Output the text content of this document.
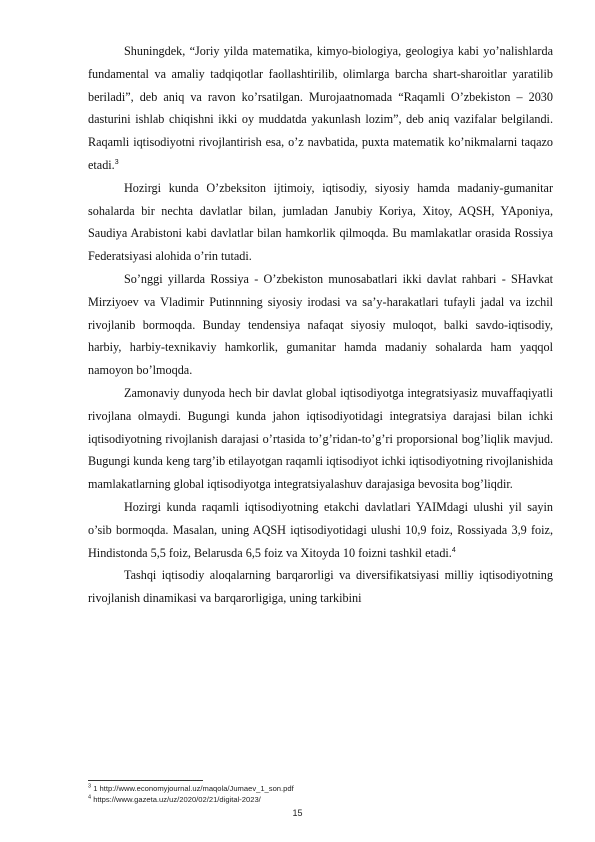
Shuningdek, “Joriy yilda matematika, kimyo-biologiya, geologiya kabi yo’nalishlarda fundamental va amaliy tadqiqotlar faollashtirilib, olimlarga barcha shart-sharoitlar yaratilib beriladi”, deb aniq va ravon ko’rsatilgan. Murojaatnomada “Raqamli O’zbekiston – 2030 dasturini ishlab chiqishni ikki oy muddatda yakunlash lozim”, deb aniq vazifalar belgilandi. Raqamli iqtisodiyotni rivojlantirish esa, o’z navbatida, puxta matematik ko’nikmalarni taqazo etadi.$^3$

Hozirgi kunda O’zbeksiton ijtimoiy, iqtisodiy, siyosiy hamda madaniy-gumanitar sohalarda bir nechta davlatlar bilan, jumladan Janubiy Koriya, Xitoy, AQSH, YAponiya, Saudiya Arabistoni kabi davlatlar bilan hamkorlik qilmoqda. Bu mamlakatlar orasida Rossiya Federatsiyasi alohida o’rin tutadi.

So’nggi yillarda Rossiya - O’zbekiston munosabatlari ikki davlat rahbari - SHavkat Mirziyoev va Vladimir Putinnning siyosiy irodasi va sa’y-harakatlari tufayli jadal va izchil rivojlanib bormoqda. Bunday tendensiya nafaqat siyosiy muloqot, balki savdo-iqtisodiy, harbiy, harbiy-texnikaviy hamkorlik, gumanitar hamda madaniy sohalarda ham yaqqol namoyon bo’lmoqda.

Zamonaviy dunyoda hech bir davlat global iqtisodiyotga integratsiyasiz muvaffaqiyatli rivojlana olmaydi. Bugungi kunda jahon iqtisodiyotidagi integratsiya darajasi bilan ichki iqtisodiyotning rivojlanish darajasi o’rtasida to’g’ridan-to’g’ri proporsional bog’liqlik mavjud. Bugungi kunda keng targ’ib etilayotgan raqamli iqtisodiyot ichki iqtisodiyotning rivojlanishida mamlakatlarning global iqtisodiyotga integratsiyalashuv darajasiga bevosita bog’liqdir.

Hozirgi kunda raqamli iqtisodiyotning etakchi davlatlari YAIMdagi ulushi yil sayin o’sib bormoqda. Masalan, uning AQSH iqtisodiyotidagi ulushi 10,9 foiz, Rossiyada 3,9 foiz, Hindistonda 5,5 foiz, Belarusda 6,5 foiz va Xitoyda 10 foizni tashkil etadi.$^4$

Tashqi iqtisodiy aloqalarning barqarorligi va diversifikatsiyasi milliy iqtisodiyotning rivojlanish dinamikasi va barqarorligiga, uning tarkibini

$^3$ 1 http://www.economyjournal.uz/maqola/Jumaev_1_son.pdf
$^4$ https://www.gazeta.uz/uz/2020/02/21/digital-2023/
15
